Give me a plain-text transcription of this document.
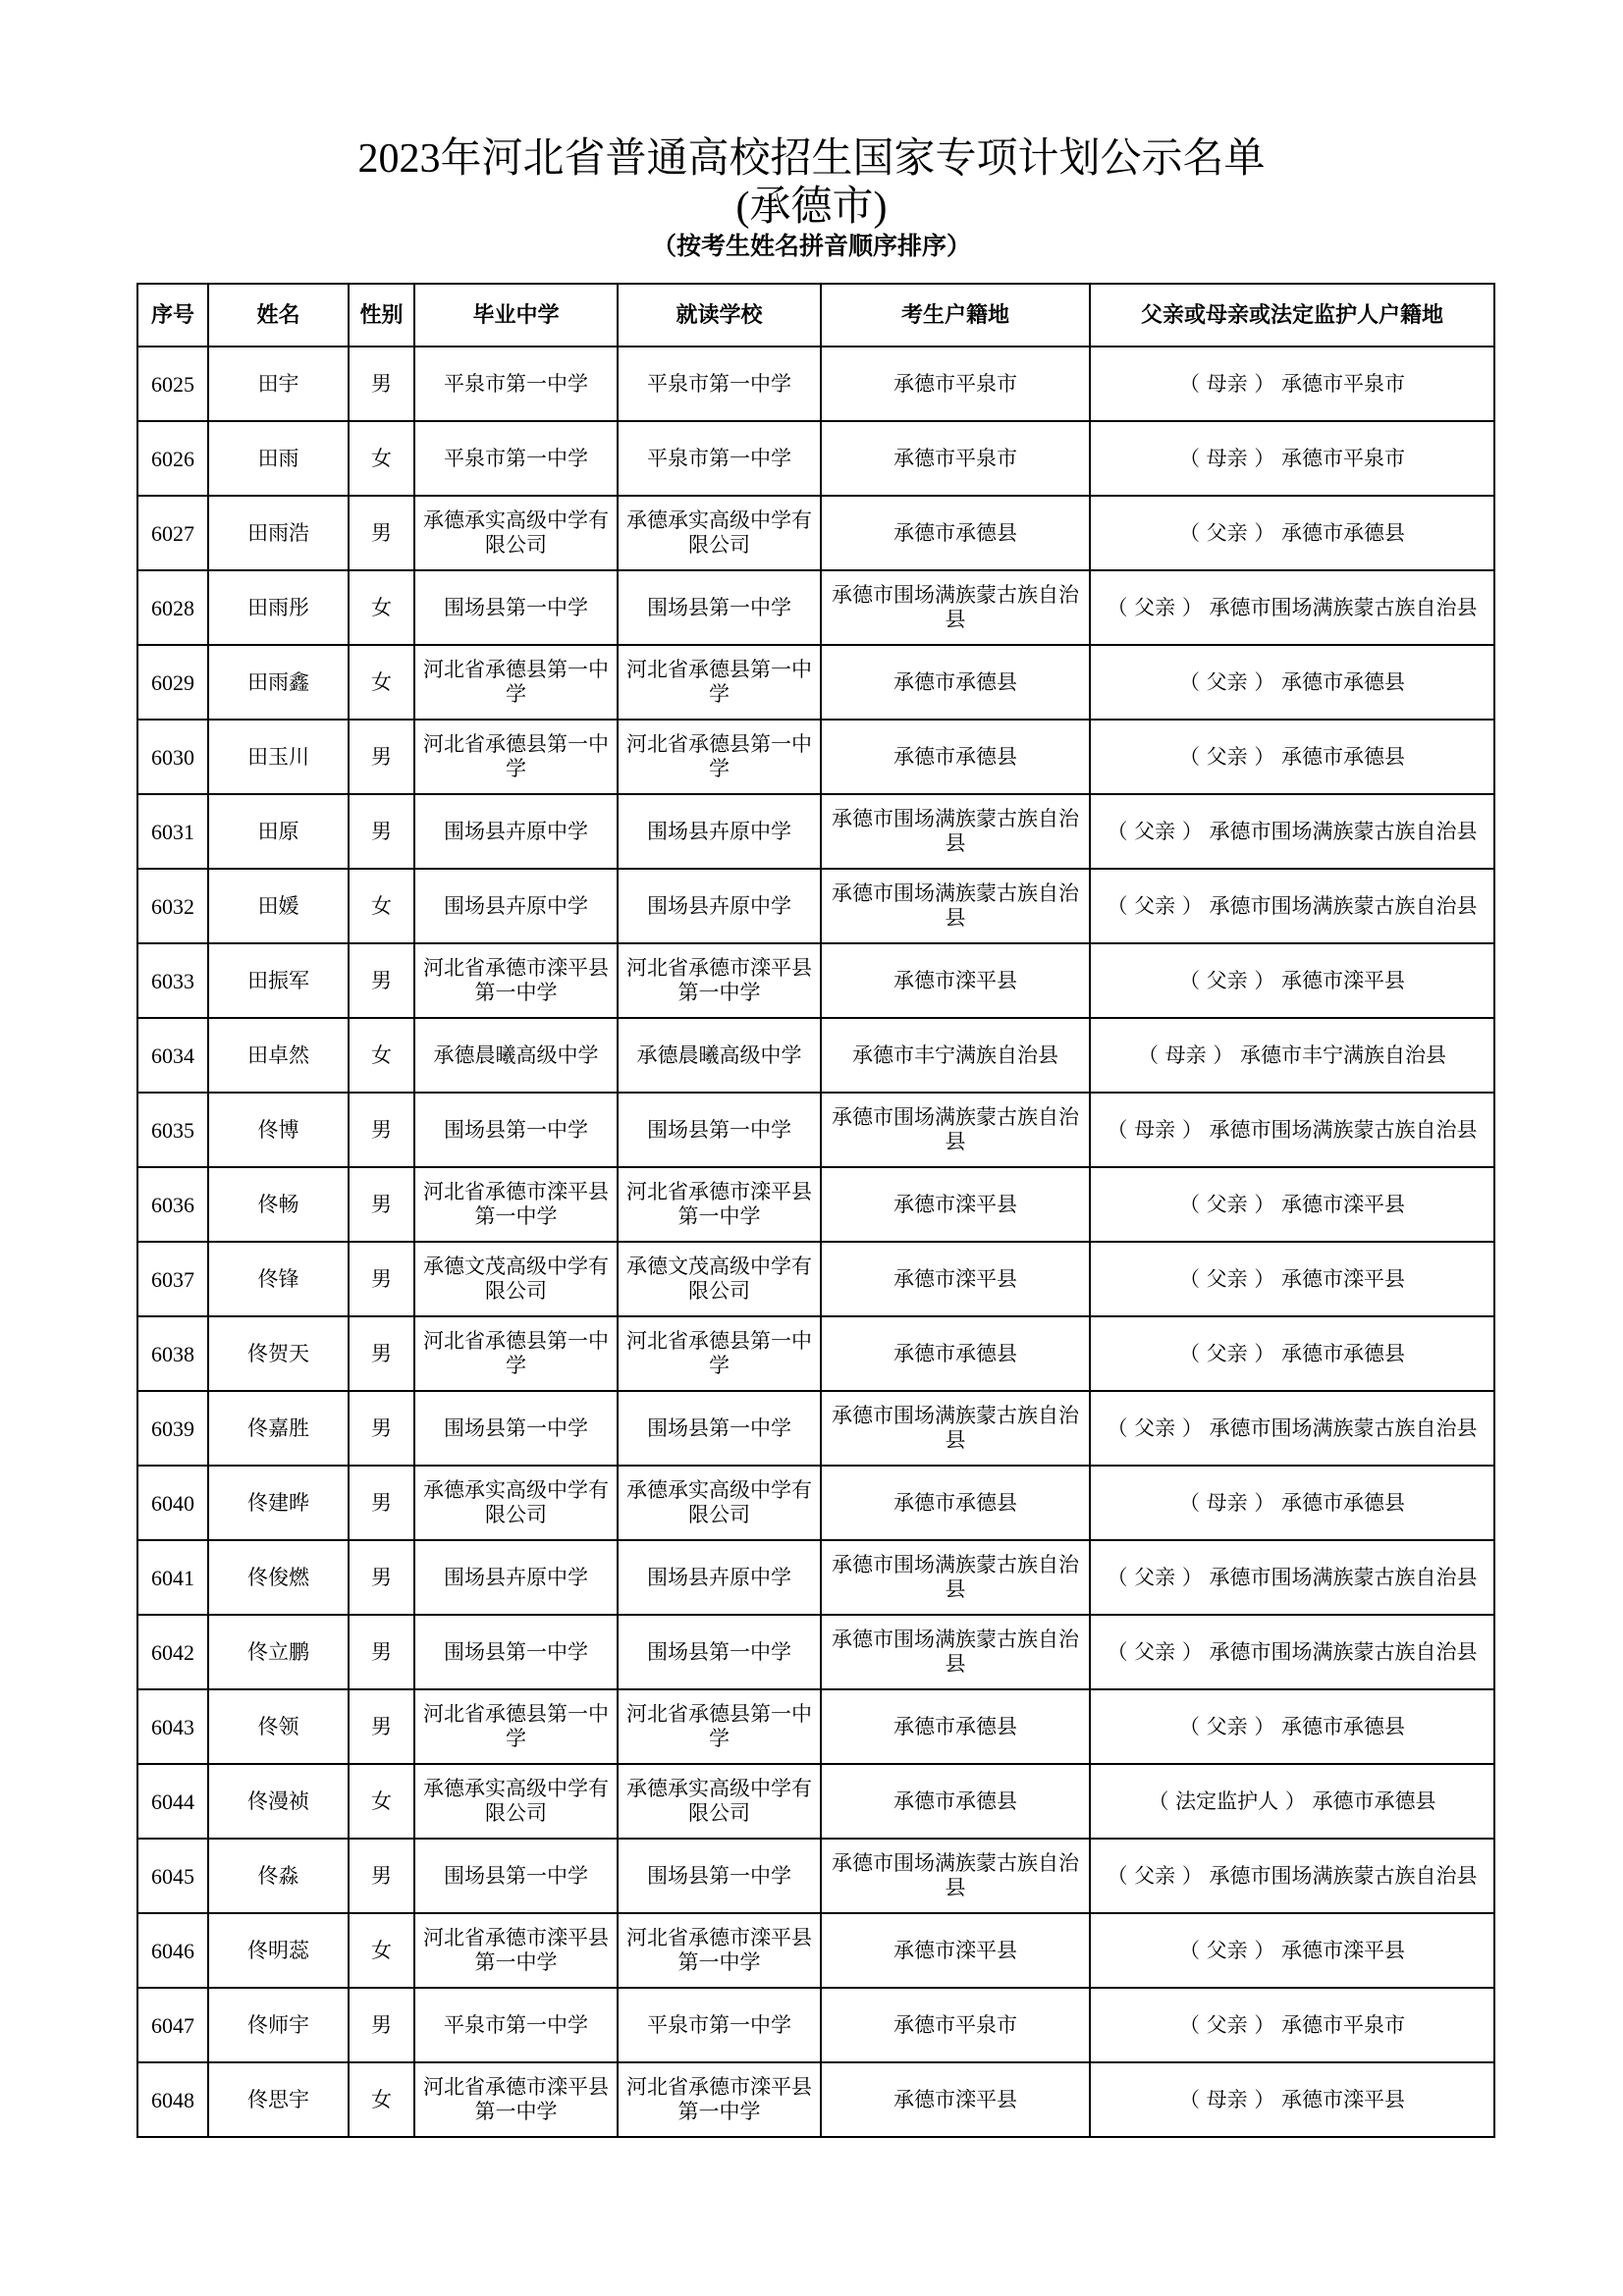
2023年河北省普通高校招生国家专项计划公示名单
(承德市)
（按考生姓名拼音顺序排序）
序号	姓名	性别	毕业中学	就读学校	考生户籍地	父亲或母亲或法定监护人户籍地
6025	田宇	男	平泉市第一中学	平泉市第一中学	承德市平泉市	（ 母亲 ） 承德市平泉市
6026	田雨	女	平泉市第一中学	平泉市第一中学	承德市平泉市	（ 母亲 ） 承德市平泉市
6027	田雨浩	男	承德承实高级中学有限公司	承德承实高级中学有限公司	承德市承德县	（ 父亲 ） 承德市承德县
6028	田雨彤	女	围场县第一中学	围场县第一中学	承德市围场满族蒙古族自治县	（ 父亲 ） 承德市围场满族蒙古族自治县
6029	田雨鑫	女	河北省承德县第一中学	河北省承德县第一中学	承德市承德县	（ 父亲 ） 承德市承德县
6030	田玉川	男	河北省承德县第一中学	河北省承德县第一中学	承德市承德县	（ 父亲 ） 承德市承德县
6031	田原	男	围场县卉原中学	围场县卉原中学	承德市围场满族蒙古族自治县	（ 父亲 ） 承德市围场满族蒙古族自治县
6032	田媛	女	围场县卉原中学	围场县卉原中学	承德市围场满族蒙古族自治县	（ 父亲 ） 承德市围场满族蒙古族自治县
6033	田振军	男	河北省承德市滦平县第一中学	河北省承德市滦平县第一中学	承德市滦平县	（ 父亲 ） 承德市滦平县
6034	田卓然	女	承德晨曦高级中学	承德晨曦高级中学	承德市丰宁满族自治县	（ 母亲 ） 承德市丰宁满族自治县
6035	佟博	男	围场县第一中学	围场县第一中学	承德市围场满族蒙古族自治县	（ 母亲 ） 承德市围场满族蒙古族自治县
6036	佟畅	男	河北省承德市滦平县第一中学	河北省承德市滦平县第一中学	承德市滦平县	（ 父亲 ） 承德市滦平县
6037	佟锋	男	承德文茂高级中学有限公司	承德文茂高级中学有限公司	承德市滦平县	（ 父亲 ） 承德市滦平县
6038	佟贺天	男	河北省承德县第一中学	河北省承德县第一中学	承德市承德县	（ 父亲 ） 承德市承德县
6039	佟嘉胜	男	围场县第一中学	围场县第一中学	承德市围场满族蒙古族自治县	（ 父亲 ） 承德市围场满族蒙古族自治县
6040	佟建晔	男	承德承实高级中学有限公司	承德承实高级中学有限公司	承德市承德县	（ 母亲 ） 承德市承德县
6041	佟俊燃	男	围场县卉原中学	围场县卉原中学	承德市围场满族蒙古族自治县	（ 父亲 ） 承德市围场满族蒙古族自治县
6042	佟立鹏	男	围场县第一中学	围场县第一中学	承德市围场满族蒙古族自治县	（ 父亲 ） 承德市围场满族蒙古族自治县
6043	佟领	男	河北省承德县第一中学	河北省承德县第一中学	承德市承德县	（ 父亲 ） 承德市承德县
6044	佟漫祯	女	承德承实高级中学有限公司	承德承实高级中学有限公司	承德市承德县	（ 法定监护人 ） 承德市承德县
6045	佟淼	男	围场县第一中学	围场县第一中学	承德市围场满族蒙古族自治县	（ 父亲 ） 承德市围场满族蒙古族自治县
6046	佟明蕊	女	河北省承德市滦平县第一中学	河北省承德市滦平县第一中学	承德市滦平县	（ 父亲 ） 承德市滦平县
6047	佟师宇	男	平泉市第一中学	平泉市第一中学	承德市平泉市	（ 父亲 ） 承德市平泉市
6048	佟思宇	女	河北省承德市滦平县第一中学	河北省承德市滦平县第一中学	承德市滦平县	（ 母亲 ） 承德市滦平县
